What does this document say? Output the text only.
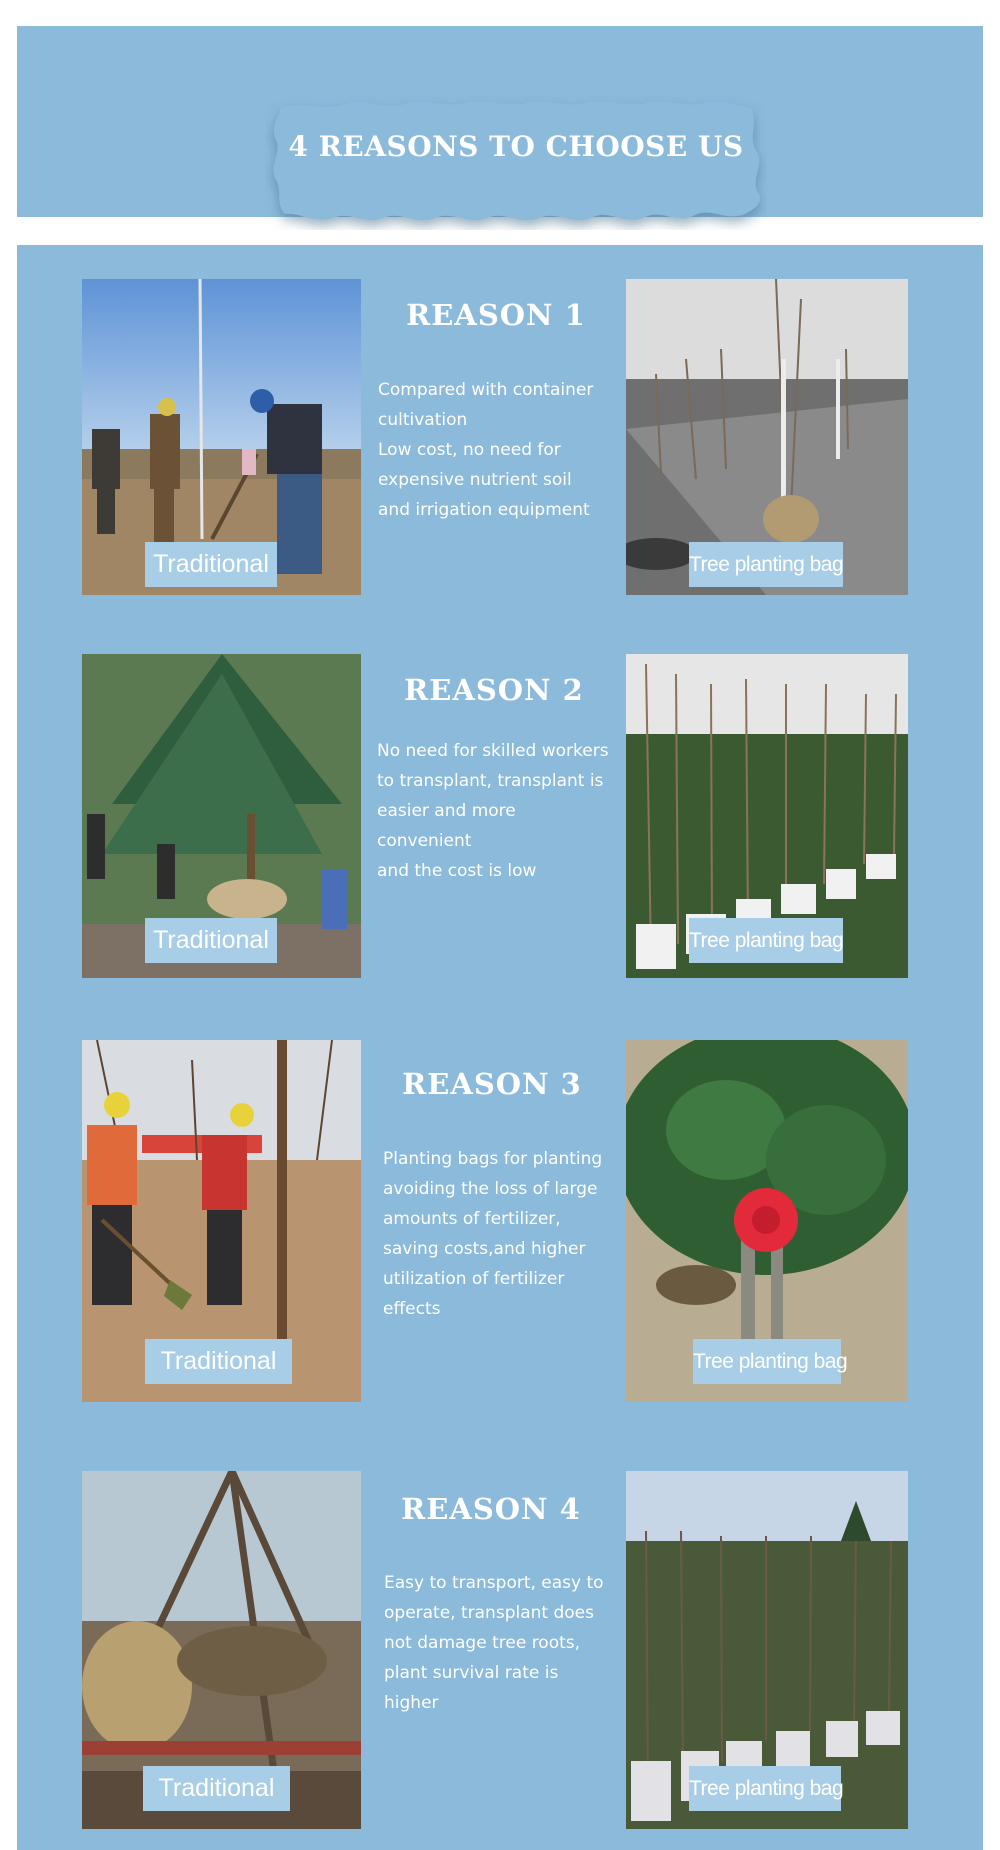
4 REASONS TO CHOOSE US
Traditional
REASON 1
Compared with container
cultivation
Low cost, no need for
expensive nutrient soil
and irrigation equipment
Tree planting bag
Traditional
REASON 2
No need for skilled workers
to transplant, transplant is
easier and more
convenient
and the cost is low
Tree planting bag
Traditional
REASON 3
Planting bags for planting
avoiding the loss of large
amounts of fertilizer,
saving costs,and higher
utilization of fertilizer
effects
Tree planting bag
Traditional
REASON 4
Easy to transport, easy to
operate, transplant does
not damage tree roots,
plant survival rate is
higher
Tree planting bag
